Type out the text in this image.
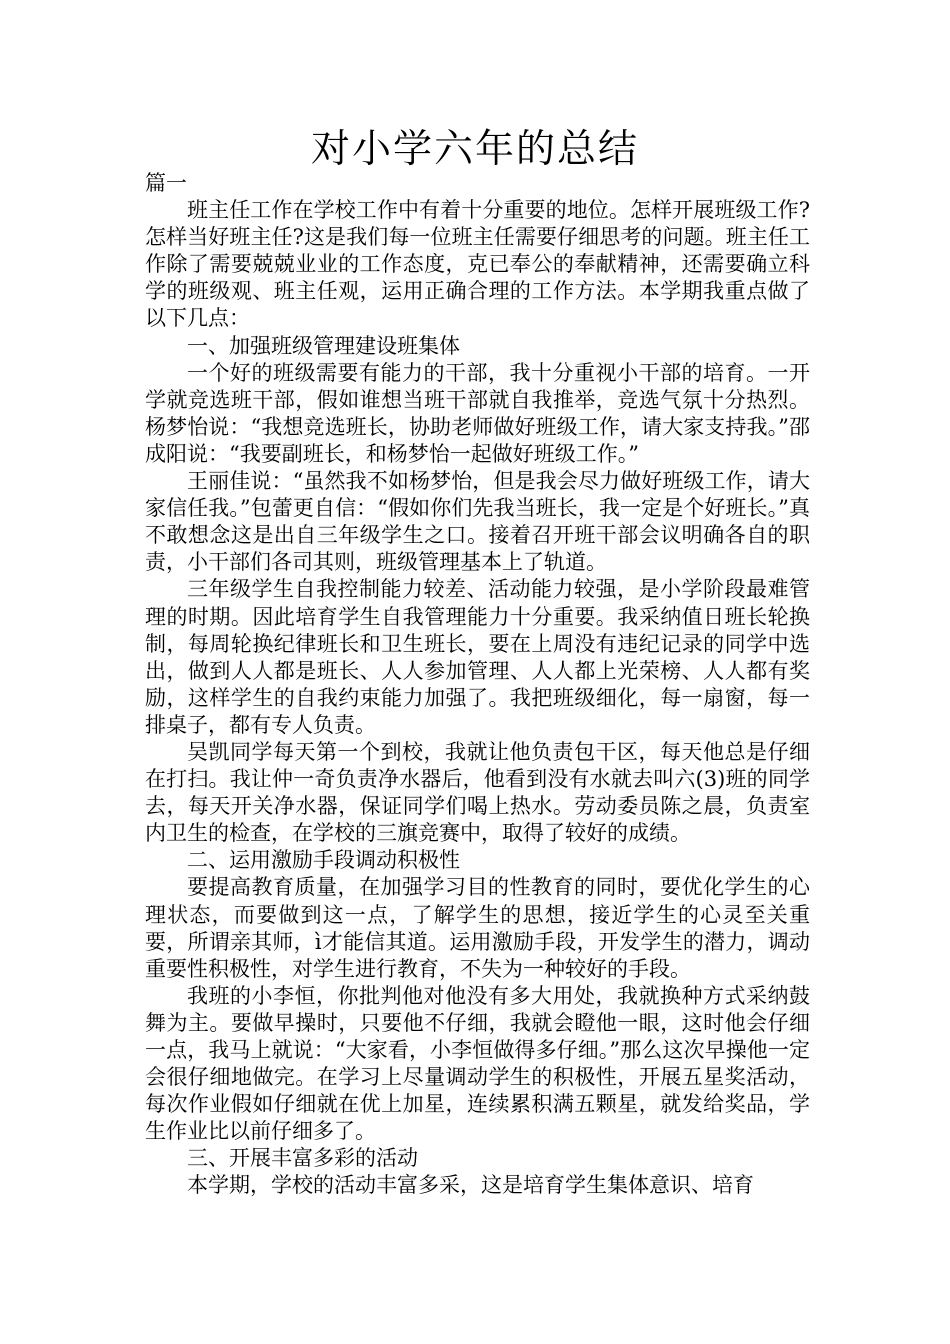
对小学六年的总结

篇一

班主任工作在学校工作中有着十分重要的地位。怎样开展班级工作?怎样当好班主任?这是我们每一位班主任需要仔细思考的问题。班主任工作除了需要兢兢业业的工作态度，克已奉公的奉献精神，还需要确立科学的班级观、班主任观，运用正确合理的工作方法。本学期我重点做了以下几点：

一、加强班级管理建设班集体

一个好的班级需要有能力的干部，我十分重视小干部的培育。一开学就竞选班干部，假如谁想当班干部就自我推举，竞选气氛十分热烈。杨梦怡说：“我想竞选班长，协助老师做好班级工作，请大家支持我。”邵成阳说：“我要副班长，和杨梦怡一起做好班级工作。”

王丽佳说：“虽然我不如杨梦怡，但是我会尽力做好班级工作，请大家信任我。”包蕾更自信：“假如你们先我当班长，我一定是个好班长。”真不敢想念这是出自三年级学生之口。接着召开班干部会议明确各自的职责，小干部们各司其则，班级管理基本上了轨道。

三年级学生自我控制能力较差、活动能力较强，是小学阶段最难管理的时期。因此培育学生自我管理能力十分重要。我采纳值日班长轮换制，每周轮换纪律班长和卫生班长，要在上周没有违纪记录的同学中选出，做到人人都是班长、人人参加管理、人人都上光荣榜、人人都有奖励，这样学生的自我约束能力加强了。我把班级细化，每一扇窗，每一排桌子，都有专人负责。

吴凯同学每天第一个到校，我就让他负责包干区，每天他总是仔细在打扫。我让仲一奇负责净水器后，他看到没有水就去叫六(3)班的同学去，每天开关净水器，保证同学们喝上热水。劳动委员陈之晨，负责室内卫生的检查，在学校的三旗竞赛中，取得了较好的成绩。

二、运用激励手段调动积极性

要提高教育质量，在加强学习目的性教育的同时，要优化学生的心理状态，而要做到这一点，了解学生的思想，接近学生的心灵至关重要，所谓亲其师，ì才能信其道。运用激励手段，开发学生的潜力，调动重要性积极性，对学生进行教育，不失为一种较好的手段。

我班的小李恒，你批判他对他没有多大用处，我就换种方式采纳鼓舞为主。要做早操时，只要他不仔细，我就会瞪他一眼，这时他会仔细一点，我马上就说：“大家看，小李恒做得多仔细。”那么这次早操他一定会很仔细地做完。在学习上尽量调动学生的积极性，开展五星奖活动，每次作业假如仔细就在优上加星，连续累积满五颗星，就发给奖品，学生作业比以前仔细多了。

三、开展丰富多彩的活动

本学期，学校的活动丰富多采，这是培育学生集体意识、培育
